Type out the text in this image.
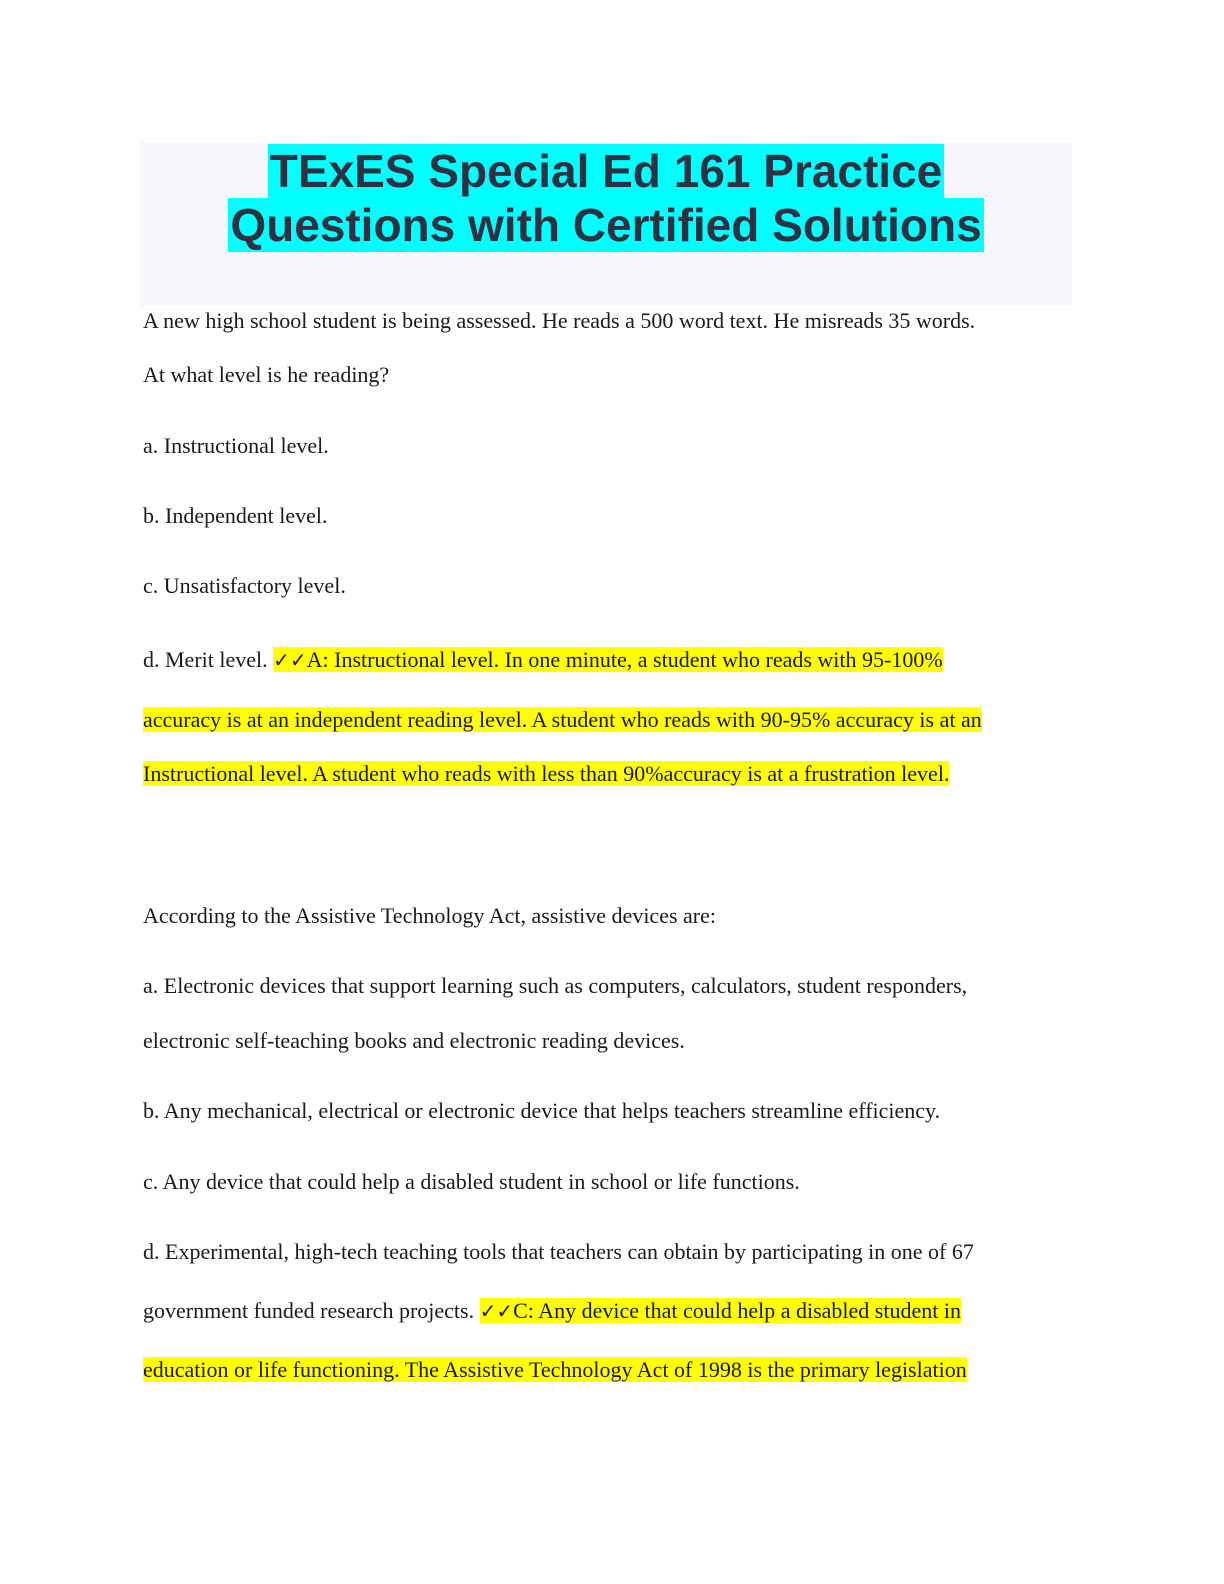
TExES Special Ed 161 Practice
Questions with Certified Solutions
A new high school student is being assessed. He reads a 500 word text. He misreads 35 words.
At what level is he reading?
a. Instructional level.
b. Independent level.
c. Unsatisfactory level.
d. Merit level. ✓✓A: Instructional level. In one minute, a student who reads with 95-100%
accuracy is at an independent reading level. A student who reads with 90-95% accuracy is at an
Instructional level. A student who reads with less than 90%accuracy is at a frustration level.
According to the Assistive Technology Act, assistive devices are:
a. Electronic devices that support learning such as computers, calculators, student responders,
electronic self-teaching books and electronic reading devices.
b. Any mechanical, electrical or electronic device that helps teachers streamline efficiency.
c. Any device that could help a disabled student in school or life functions.
d. Experimental, high-tech teaching tools that teachers can obtain by participating in one of 67
government funded research projects. ✓✓C: Any device that could help a disabled student in
education or life functioning. The Assistive Technology Act of 1998 is the primary legislation
